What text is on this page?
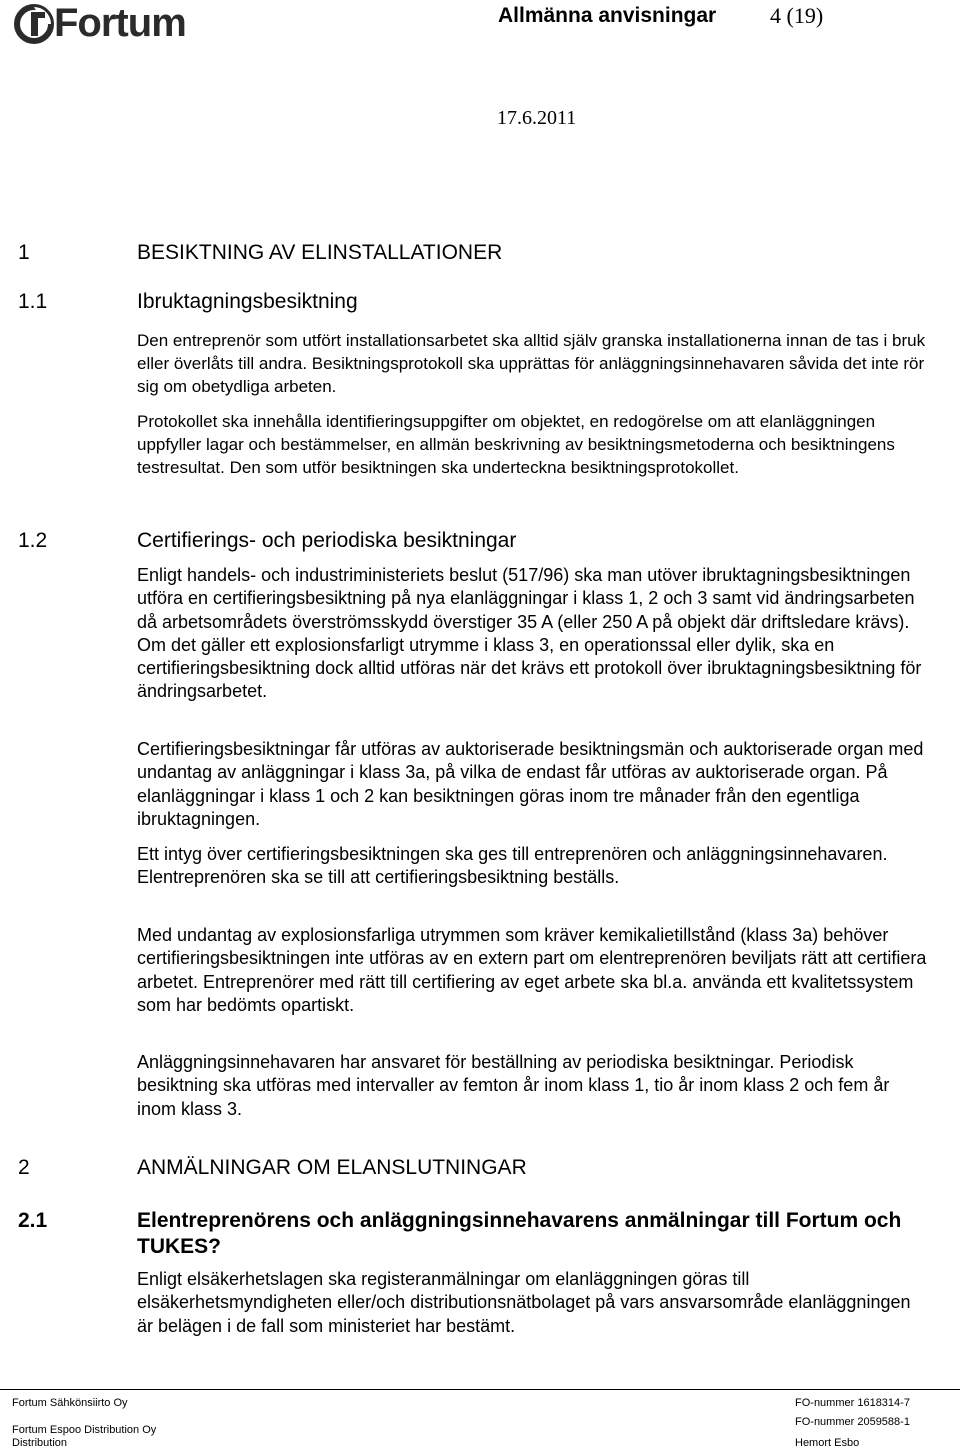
Fortum	Allmänna anvisningar 4 (19)
17.6.2011
1	BESIKTNING AV ELINSTALLATIONER
1.1	Ibruktagningsbesiktning
Den entreprenör som utfört installationsarbetet ska alltid själv granska installationerna innan de tas i bruk eller överlåts till andra. Besiktningsprotokoll ska upprättas för anläggningsinnehavaren såvida det inte rör sig om obetydliga arbeten.
Protokollet ska innehålla identifieringsuppgifter om objektet, en redogörelse om att elanläggningen uppfyller lagar och bestämmelser, en allmän beskrivning av besiktningsmetoderna och besiktningens testresultat. Den som utför besiktningen ska underteckna besiktningsprotokollet.
1.2	Certifierings- och periodiska besiktningar
Enligt handels- och industriministeriets beslut (517/96) ska man utöver ibruktagningsbesiktningen utföra en certifieringsbesiktning på nya elanläggningar i klass 1, 2 och 3 samt vid ändringsarbeten då arbetsområdets överströmsskydd överstiger 35 A (eller 250 A på objekt där driftsledare krävs). Om det gäller ett explosionsfarligt utrymme i klass 3, en operationssal eller dylik, ska en certifieringsbesiktning dock alltid utföras när det krävs ett protokoll över ibruktagningsbesiktning för ändringsarbetet.
Certifieringsbesiktningar får utföras av auktoriserade besiktningsmän och auktoriserade organ med undantag av anläggningar i klass 3a, på vilka de endast får utföras av auktoriserade organ. På elanläggningar i klass 1 och 2 kan besiktningen göras inom tre månader från den egentliga ibruktagningen.
Ett intyg över certifieringsbesiktningen ska ges till entreprenören och anläggningsinnehavaren. Elentreprenören ska se till att certifieringsbesiktning beställs.
Med undantag av explosionsfarliga utrymmen som kräver kemikalietillstånd (klass 3a) behöver certifieringsbesiktningen inte utföras av en extern part om elentreprenören beviljats rätt att certifiera arbetet. Entreprenörer med rätt till certifiering av eget arbete ska bl.a. använda ett kvalitetssystem som har bedömts opartiskt.
Anläggningsinnehavaren har ansvaret för beställning av periodiska besiktningar. Periodisk besiktning ska utföras med intervaller av femton år inom klass 1, tio år inom klass 2 och fem år inom klass 3.
2	ANMÄLNINGAR OM ELANSLUTNINGAR
2.1	Elentreprenörens och anläggningsinnehavarens anmälningar till Fortum och TUKES?
Enligt elsäkerhetslagen ska registeranmälningar om elanläggningen göras till elsäkerhetsmyndigheten eller/och distributionsnätbolaget på vars ansvarsområde elanläggningen är belägen i de fall som ministeriet har bestämt.
Fortum Sähkönsiirto Oy
Fortum Espoo Distribution Oy
Distribution
FO-nummer 1618314-7
FO-nummer 2059588-1
Hemort Esbo
